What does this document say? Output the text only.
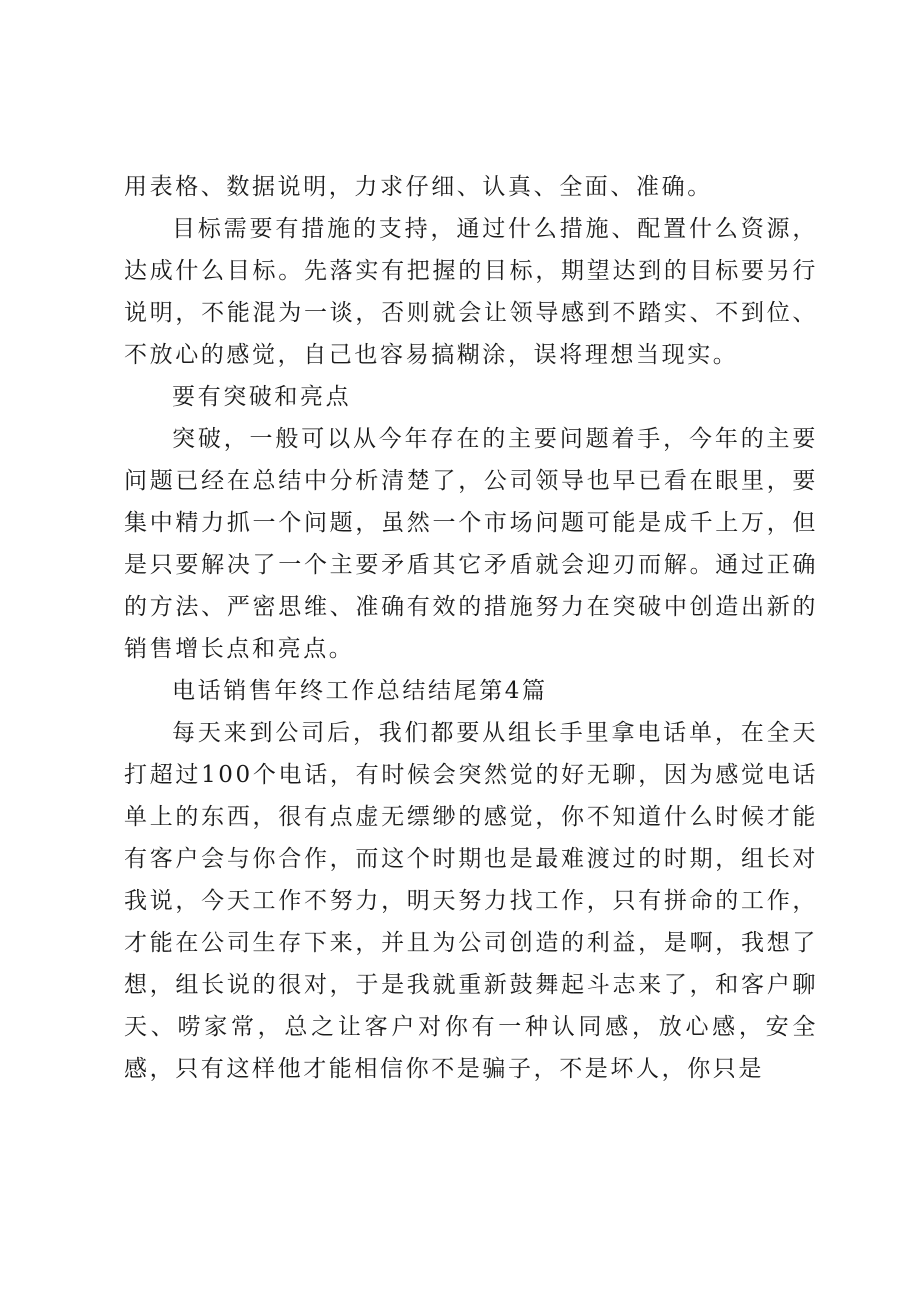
用表格、数据说明，力求仔细、认真、全面、准确。

目标需要有措施的支持，通过什么措施、配置什么资源，达成什么目标。先落实有把握的目标，期望达到的目标要另行说明，不能混为一谈，否则就会让领导感到不踏实、不到位、不放心的感觉，自己也容易搞糊涂，误将理想当现实。

要有突破和亮点

突破，一般可以从今年存在的主要问题着手，今年的主要问题已经在总结中分析清楚了，公司领导也早已看在眼里，要集中精力抓一个问题，虽然一个市场问题可能是成千上万，但是只要解决了一个主要矛盾其它矛盾就会迎刃而解。通过正确的方法、严密思维、准确有效的措施努力在突破中创造出新的销售增长点和亮点。

电话销售年终工作总结结尾第4篇

每天来到公司后，我们都要从组长手里拿电话单，在全天打超过100个电话，有时候会突然觉的好无聊，因为感觉电话单上的东西，很有点虚无缥缈的感觉，你不知道什么时候才能有客户会与你合作，而这个时期也是最难渡过的时期，组长对我说，今天工作不努力，明天努力找工作，只有拼命的工作，才能在公司生存下来，并且为公司创造的利益，是啊，我想了想，组长说的很对，于是我就重新鼓舞起斗志来了，和客户聊天、唠家常，总之让客户对你有一种认同感，放心感，安全感，只有这样他才能相信你不是骗子，不是坏人，你只是
